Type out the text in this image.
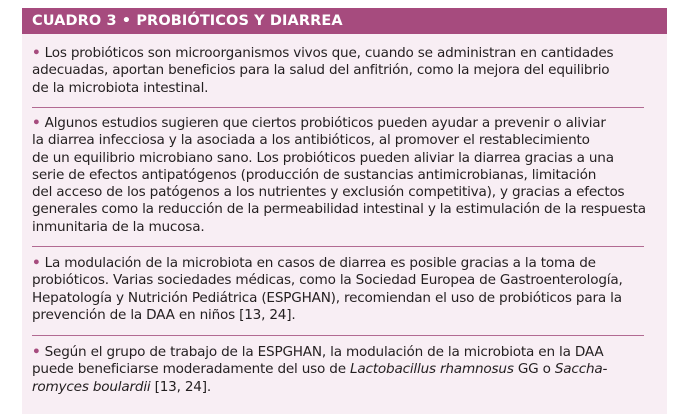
CUADRO 3 • PROBIÓTICOS Y DIARREA
• Los probióticos son microorganismos vivos que, cuando se administran en cantidades
adecuadas, aportan beneficios para la salud del anfitrión, como la mejora del equilibrio
de la microbiota intestinal.
• Algunos estudios sugieren que ciertos probióticos pueden ayudar a prevenir o aliviar
la diarrea infecciosa y la asociada a los antibióticos, al promover el restablecimiento
de un equilibrio microbiano sano. Los probióticos pueden aliviar la diarrea gracias a una
serie de efectos antipatógenos (producción de sustancias antimicrobianas, limitación
del acceso de los patógenos a los nutrientes y exclusión competitiva), y gracias a efectos
generales como la reducción de la permeabilidad intestinal y la estimulación de la respuesta
inmunitaria de la mucosa.
• La modulación de la microbiota en casos de diarrea es posible gracias a la toma de
probióticos. Varias sociedades médicas, como la Sociedad Europea de Gastroenterología,
Hepatología y Nutrición Pediátrica (ESPGHAN), recomiendan el uso de probióticos para la
prevención de la DAA en niños [13, 24].
• Según el grupo de trabajo de la ESPGHAN, la modulación de la microbiota en la DAA
puede beneficiarse moderadamente del uso de Lactobacillus rhamnosus GG o Saccha-
romyces boulardii [13, 24].
